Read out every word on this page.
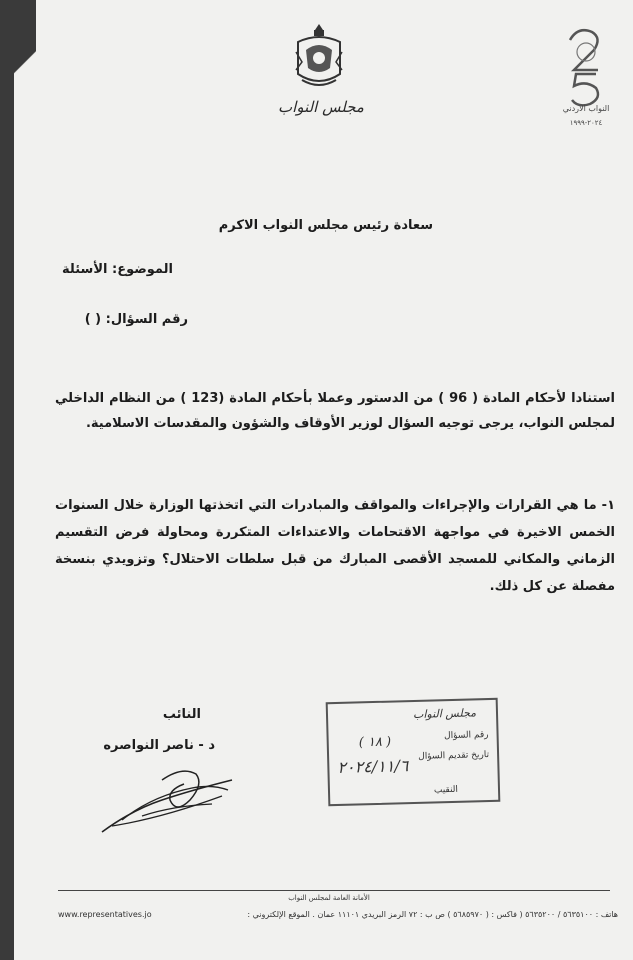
مجلس النواب	النواب الاردني
٢٠٢٤-١٩٩٩
سعادة رئيس مجلس النواب الاكرم
الموضوع: الأسئلة
رقم السؤال: ( )
استنادا لأحكام المادة ( 96 ) من الدستور وعملا بأحكام المادة (123 ) من النظام الداخلي لمجلس النواب، يرجى توجيه السؤال لوزير الأوقاف والشؤون والمقدسات الاسلامية.
١- ما هي القرارات والإجراءات والمواقف والمبادرات التي اتخذتها الوزارة خلال السنوات الخمس الاخيرة في مواجهة الاقتحامات والاعتداءات المتكررة ومحاولة فرض التقسيم الزماني والمكاني للمسجد الأقصى المبارك من قبل سلطات الاحتلال؟ وتزويدي بنسخة مفصلة عن كل ذلك.
النائب
د - ناصر النواصره
مجلس النواب
رقم السؤال
( ١٨ )
تاريخ تقديم السؤال
٢٠٢٤/١١/٦
النقيب
الأمانة العامة لمجلس النواب
هاتف : ٥٦٣٥١٠٠ / ٥٦٣٥٢٠٠ ( فاكس : ( ٥٦٨٥٩٧٠ ) ص ب : ٧٢ الرمز البريدي ١١١٠١ عمان . الموقع الإلكتروني :
www.representatives.jo
